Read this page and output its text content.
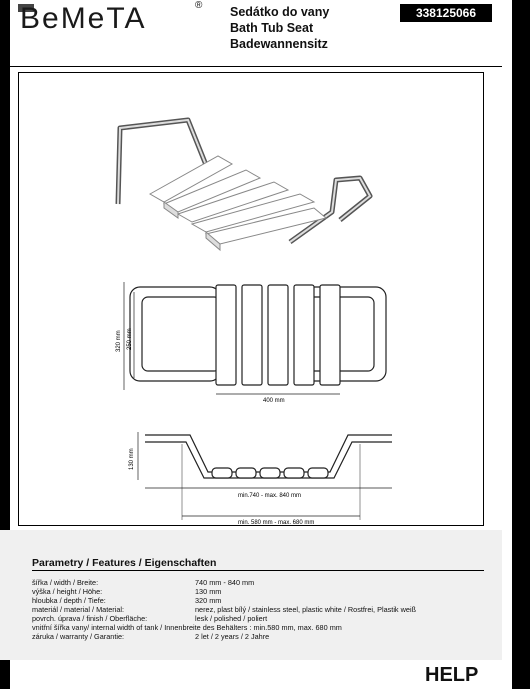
BeMeTA	® Sedátko do vany
Bath Tub Seat
Badewannensitz
338125066
320 mm 250 mm
400 mm
130 mm
min.740 - max. 840 mm
min. 580 mm - max. 680 mm
Parametry / Features / Eigenschaften
šířka / width / Breite:	740 mm - 840 mm
výška / height / Höhe:	130 mm
hloubka / depth / Tiefe:	320 mm
materiál / material / Material:	nerez, plast bílý / stainless steel, plastic white / Rostfrei, Plastik weiß
povrch. úprava / finish / Oberfläche:	lesk / polished / poliert
vnitřní šířka vany/ internal width of tank / Innenbreite des Behälters : min.580 mm, max. 680 mm
záruka / warranty / Garantie:	2 let / 2 years / 2 Jahre
HELP
